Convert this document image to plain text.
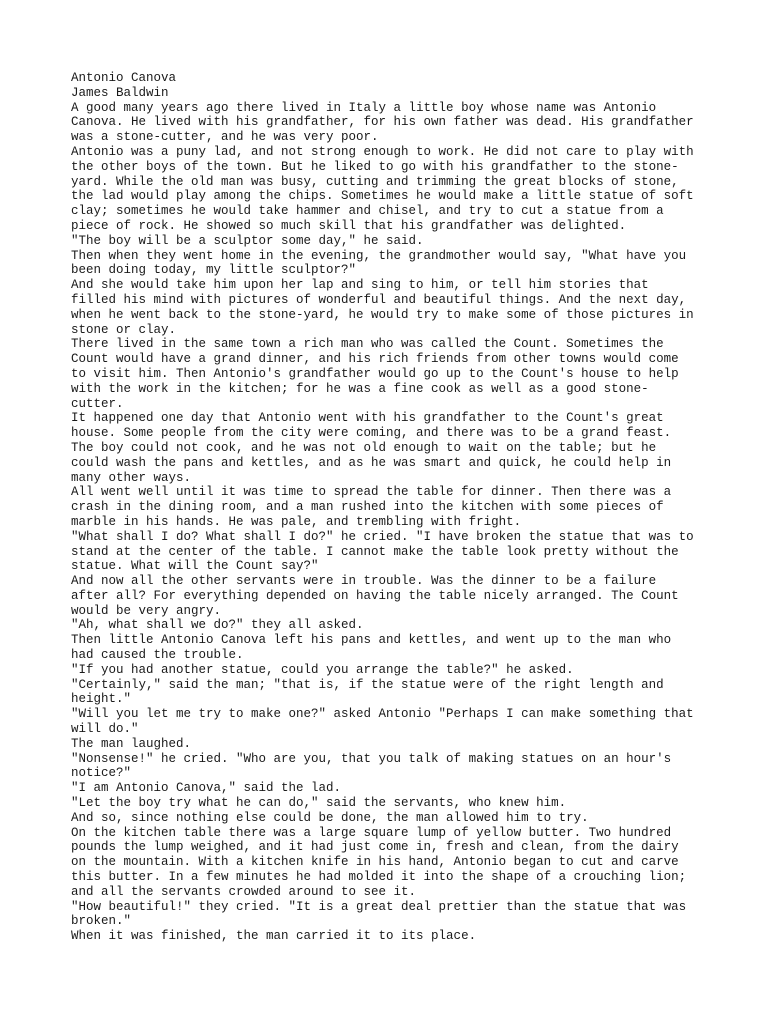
Antonio Canova

James Baldwin

A good many years ago there lived in Italy a little boy whose name was Antonio
Canova. He lived with his grandfather, for his own father was dead. His grandfather
was a stone-cutter, and he was very poor.

Antonio was a puny lad, and not strong enough to work. He did not care to play with
the other boys of the town. But he liked to go with his grandfather to the stone-
yard. While the old man was busy, cutting and trimming the great blocks of stone,
the lad would play among the chips. Sometimes he would make a little statue of soft
clay; sometimes he would take hammer and chisel, and try to cut a statue from a
piece of rock. He showed so much skill that his grandfather was delighted.

"The boy will be a sculptor some day," he said.

Then when they went home in the evening, the grandmother would say, "What have you
been doing today, my little sculptor?"

And she would take him upon her lap and sing to him, or tell him stories that
filled his mind with pictures of wonderful and beautiful things. And the next day,
when he went back to the stone-yard, he would try to make some of those pictures in
stone or clay.

There lived in the same town a rich man who was called the Count. Sometimes the
Count would have a grand dinner, and his rich friends from other towns would come
to visit him. Then Antonio's grandfather would go up to the Count's house to help
with the work in the kitchen; for he was a fine cook as well as a good stone-
cutter.

It happened one day that Antonio went with his grandfather to the Count's great
house. Some people from the city were coming, and there was to be a grand feast.
The boy could not cook, and he was not old enough to wait on the table; but he
could wash the pans and kettles, and as he was smart and quick, he could help in
many other ways.

All went well until it was time to spread the table for dinner. Then there was a
crash in the dining room, and a man rushed into the kitchen with some pieces of
marble in his hands. He was pale, and trembling with fright.

"What shall I do? What shall I do?" he cried. "I have broken the statue that was to
stand at the center of the table. I cannot make the table look pretty without the
statue. What will the Count say?"

And now all the other servants were in trouble. Was the dinner to be a failure
after all? For everything depended on having the table nicely arranged. The Count
would be very angry.

"Ah, what shall we do?" they all asked.

Then little Antonio Canova left his pans and kettles, and went up to the man who
had caused the trouble.

"If you had another statue, could you arrange the table?" he asked.

"Certainly," said the man; "that is, if the statue were of the right length and
height."

"Will you let me try to make one?" asked Antonio "Perhaps I can make something that
will do."

The man laughed.

"Nonsense!" he cried. "Who are you, that you talk of making statues on an hour's
notice?"

"I am Antonio Canova," said the lad.

"Let the boy try what he can do," said the servants, who knew him.

And so, since nothing else could be done, the man allowed him to try.

On the kitchen table there was a large square lump of yellow butter. Two hundred
pounds the lump weighed, and it had just come in, fresh and clean, from the dairy
on the mountain. With a kitchen knife in his hand, Antonio began to cut and carve
this butter. In a few minutes he had molded it into the shape of a crouching lion;
and all the servants crowded around to see it.

"How beautiful!" they cried. "It is a great deal prettier than the statue that was
broken."

When it was finished, the man carried it to its place.
